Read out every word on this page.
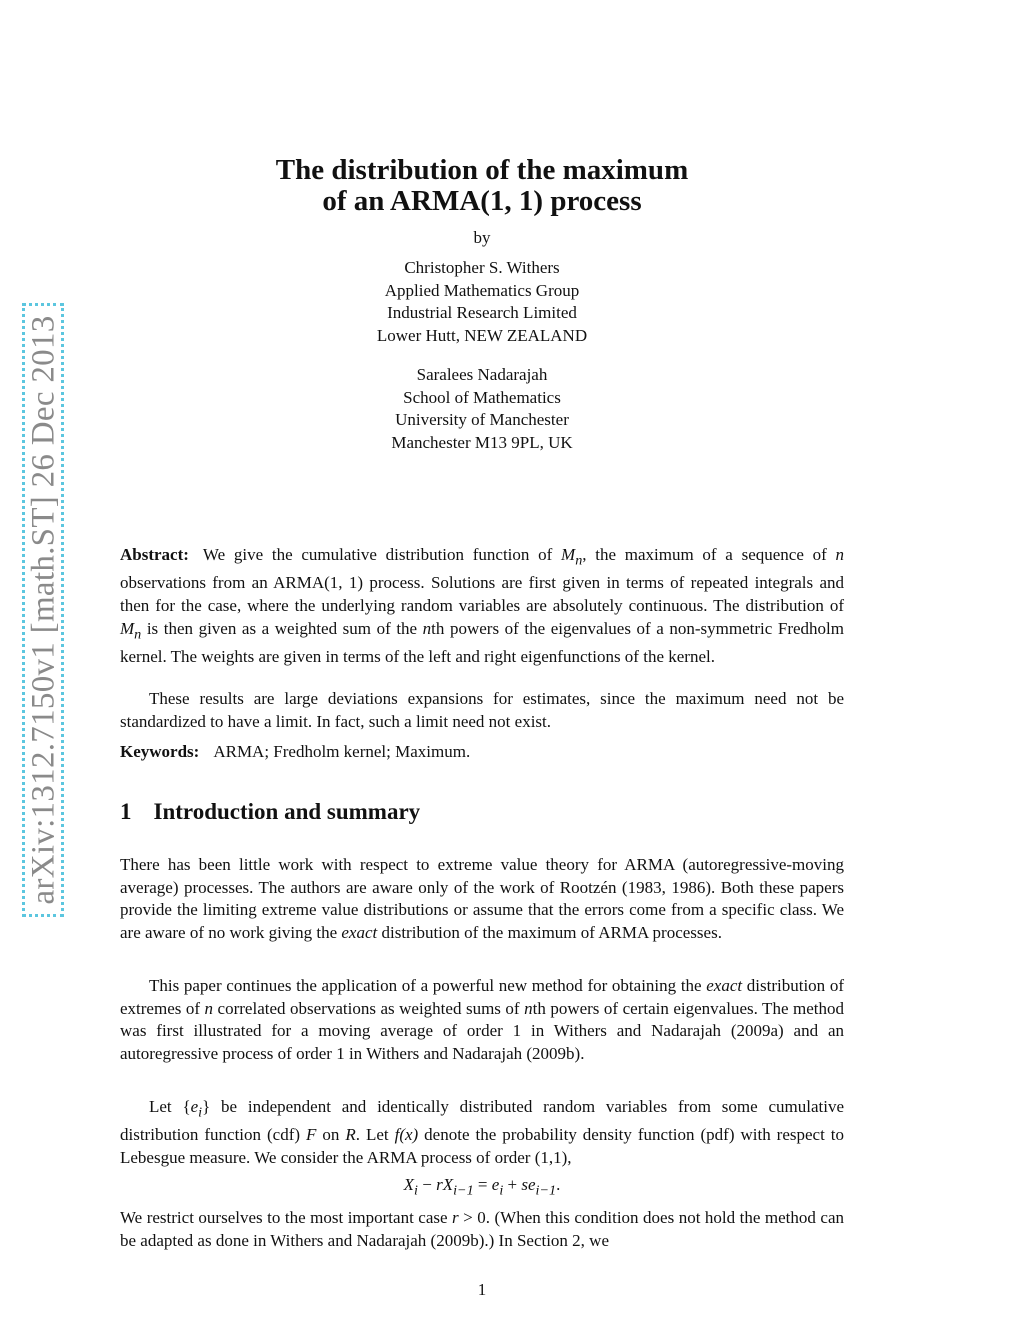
arXiv:1312.7150v1 [math.ST] 26 Dec 2013
The distribution of the maximum
of an ARMA(1, 1) process
by
Christopher S. Withers
Applied Mathematics Group
Industrial Research Limited
Lower Hutt, NEW ZEALAND
Saralees Nadarajah
School of Mathematics
University of Manchester
Manchester M13 9PL, UK

Abstract: We give the cumulative distribution function of $M_n$, the maximum of a sequence of n observations from an ARMA(1, 1) process. Solutions are first given in terms of repeated integrals and then for the case, where the underlying random variables are absolutely continuous. The distribution of $M_n$ is then given as a weighted sum of the nth powers of the eigenvalues of a non-symmetric Fredholm kernel. The weights are given in terms of the left and right eigenfunctions of the kernel.

These results are large deviations expansions for estimates, since the maximum need not be standardized to have a limit. In fact, such a limit need not exist.

Keywords: ARMA; Fredholm kernel; Maximum.

1 Introduction and summary

There has been little work with respect to extreme value theory for ARMA (autoregressive-moving average) processes. The authors are aware only of the work of Rootzén (1983, 1986). Both these papers provide the limiting extreme value distributions or assume that the errors come from a specific class. We are aware of no work giving the exact distribution of the maximum of ARMA processes.

This paper continues the application of a powerful new method for obtaining the exact distribution of extremes of n correlated observations as weighted sums of nth powers of certain eigenvalues. The method was first illustrated for a moving average of order 1 in Withers and Nadarajah (2009a) and an autoregressive process of order 1 in Withers and Nadarajah (2009b).

Let $\{e_i\}$ be independent and identically distributed random variables from some cumulative distribution function (cdf) F on R. Let f(x) denote the probability density function (pdf) with respect to Lebesgue measure. We consider the ARMA process of order (1,1),

$X_i - rX_{i-1} = e_i + se_{i-1}$.

We restrict ourselves to the most important case r > 0. (When this condition does not hold the method can be adapted as done in Withers and Nadarajah (2009b).) In Section 2, we

1
